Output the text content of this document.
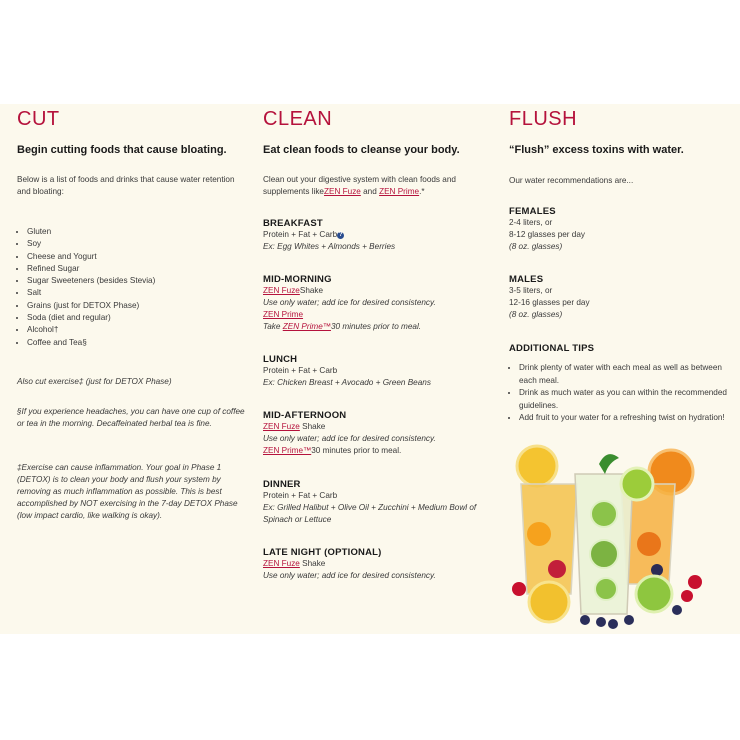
CUT
Begin cutting foods that cause bloating.
Below is a list of foods and drinks that cause water retention and bloating:
• Gluten
• Soy
• Cheese and Yogurt
• Refined Sugar
• Sugar Sweeteners (besides Stevia)
• Salt
• Grains (just for DETOX Phase)
• Soda (diet and regular)
• Alcohol†
• Coffee and Tea§
Also cut exercise‡ (just for DETOX Phase)
§If you experience headaches, you can have one cup of coffee or tea in the morning. Decaffeinated herbal tea is fine.
‡Exercise can cause inflammation. Your goal in Phase 1 (DETOX) is to clean your body and flush your system by removing as much inflammation as possible. This is best accomplished by NOT exercising in the 7-day DETOX Phase (low impact cardio, like walking is okay).
CLEAN
Eat clean foods to cleanse your body.
Clean out your digestive system with clean foods and supplements likeZEN Fuze and ZEN Prime.*
BREAKFAST
Protein + Fat + Carb ?
Ex: Egg Whites + Almonds + Berries
MID-MORNING
ZEN FuzeShake
Use only water; add ice for desired consistency.
ZEN Prime
Take ZEN Prime™30 minutes prior to meal.
LUNCH
Protein + Fat + Carb
Ex: Chicken Breast + Avocado + Green Beans
MID-AFTERNOON
ZEN Fuze Shake
Use only water; add ice for desired consistency.
ZEN Prime™30 minutes prior to meal.
DINNER
Protein + Fat + Carb
Ex: Grilled Halibut + Olive Oil + Zucchini + Medium Bowl of Spinach or Lettuce
LATE NIGHT (OPTIONAL)
ZEN Fuze Shake
Use only water; add ice for desired consistency.
FLUSH
“Flush” excess toxins with water.
Our water recommendations are...
FEMALES
2-4 liters, or
8-12 glasses per day
(8 oz. glasses)
MALES
3-5 liters, or
12-16 glasses per day
(8 oz. glasses)
ADDITIONAL TIPS
• Drink plenty of water with each meal as well as between each meal.
• Drink as much water as you can within the recommended guidelines.
• Add fruit to your water for a refreshing twist on hydration!
